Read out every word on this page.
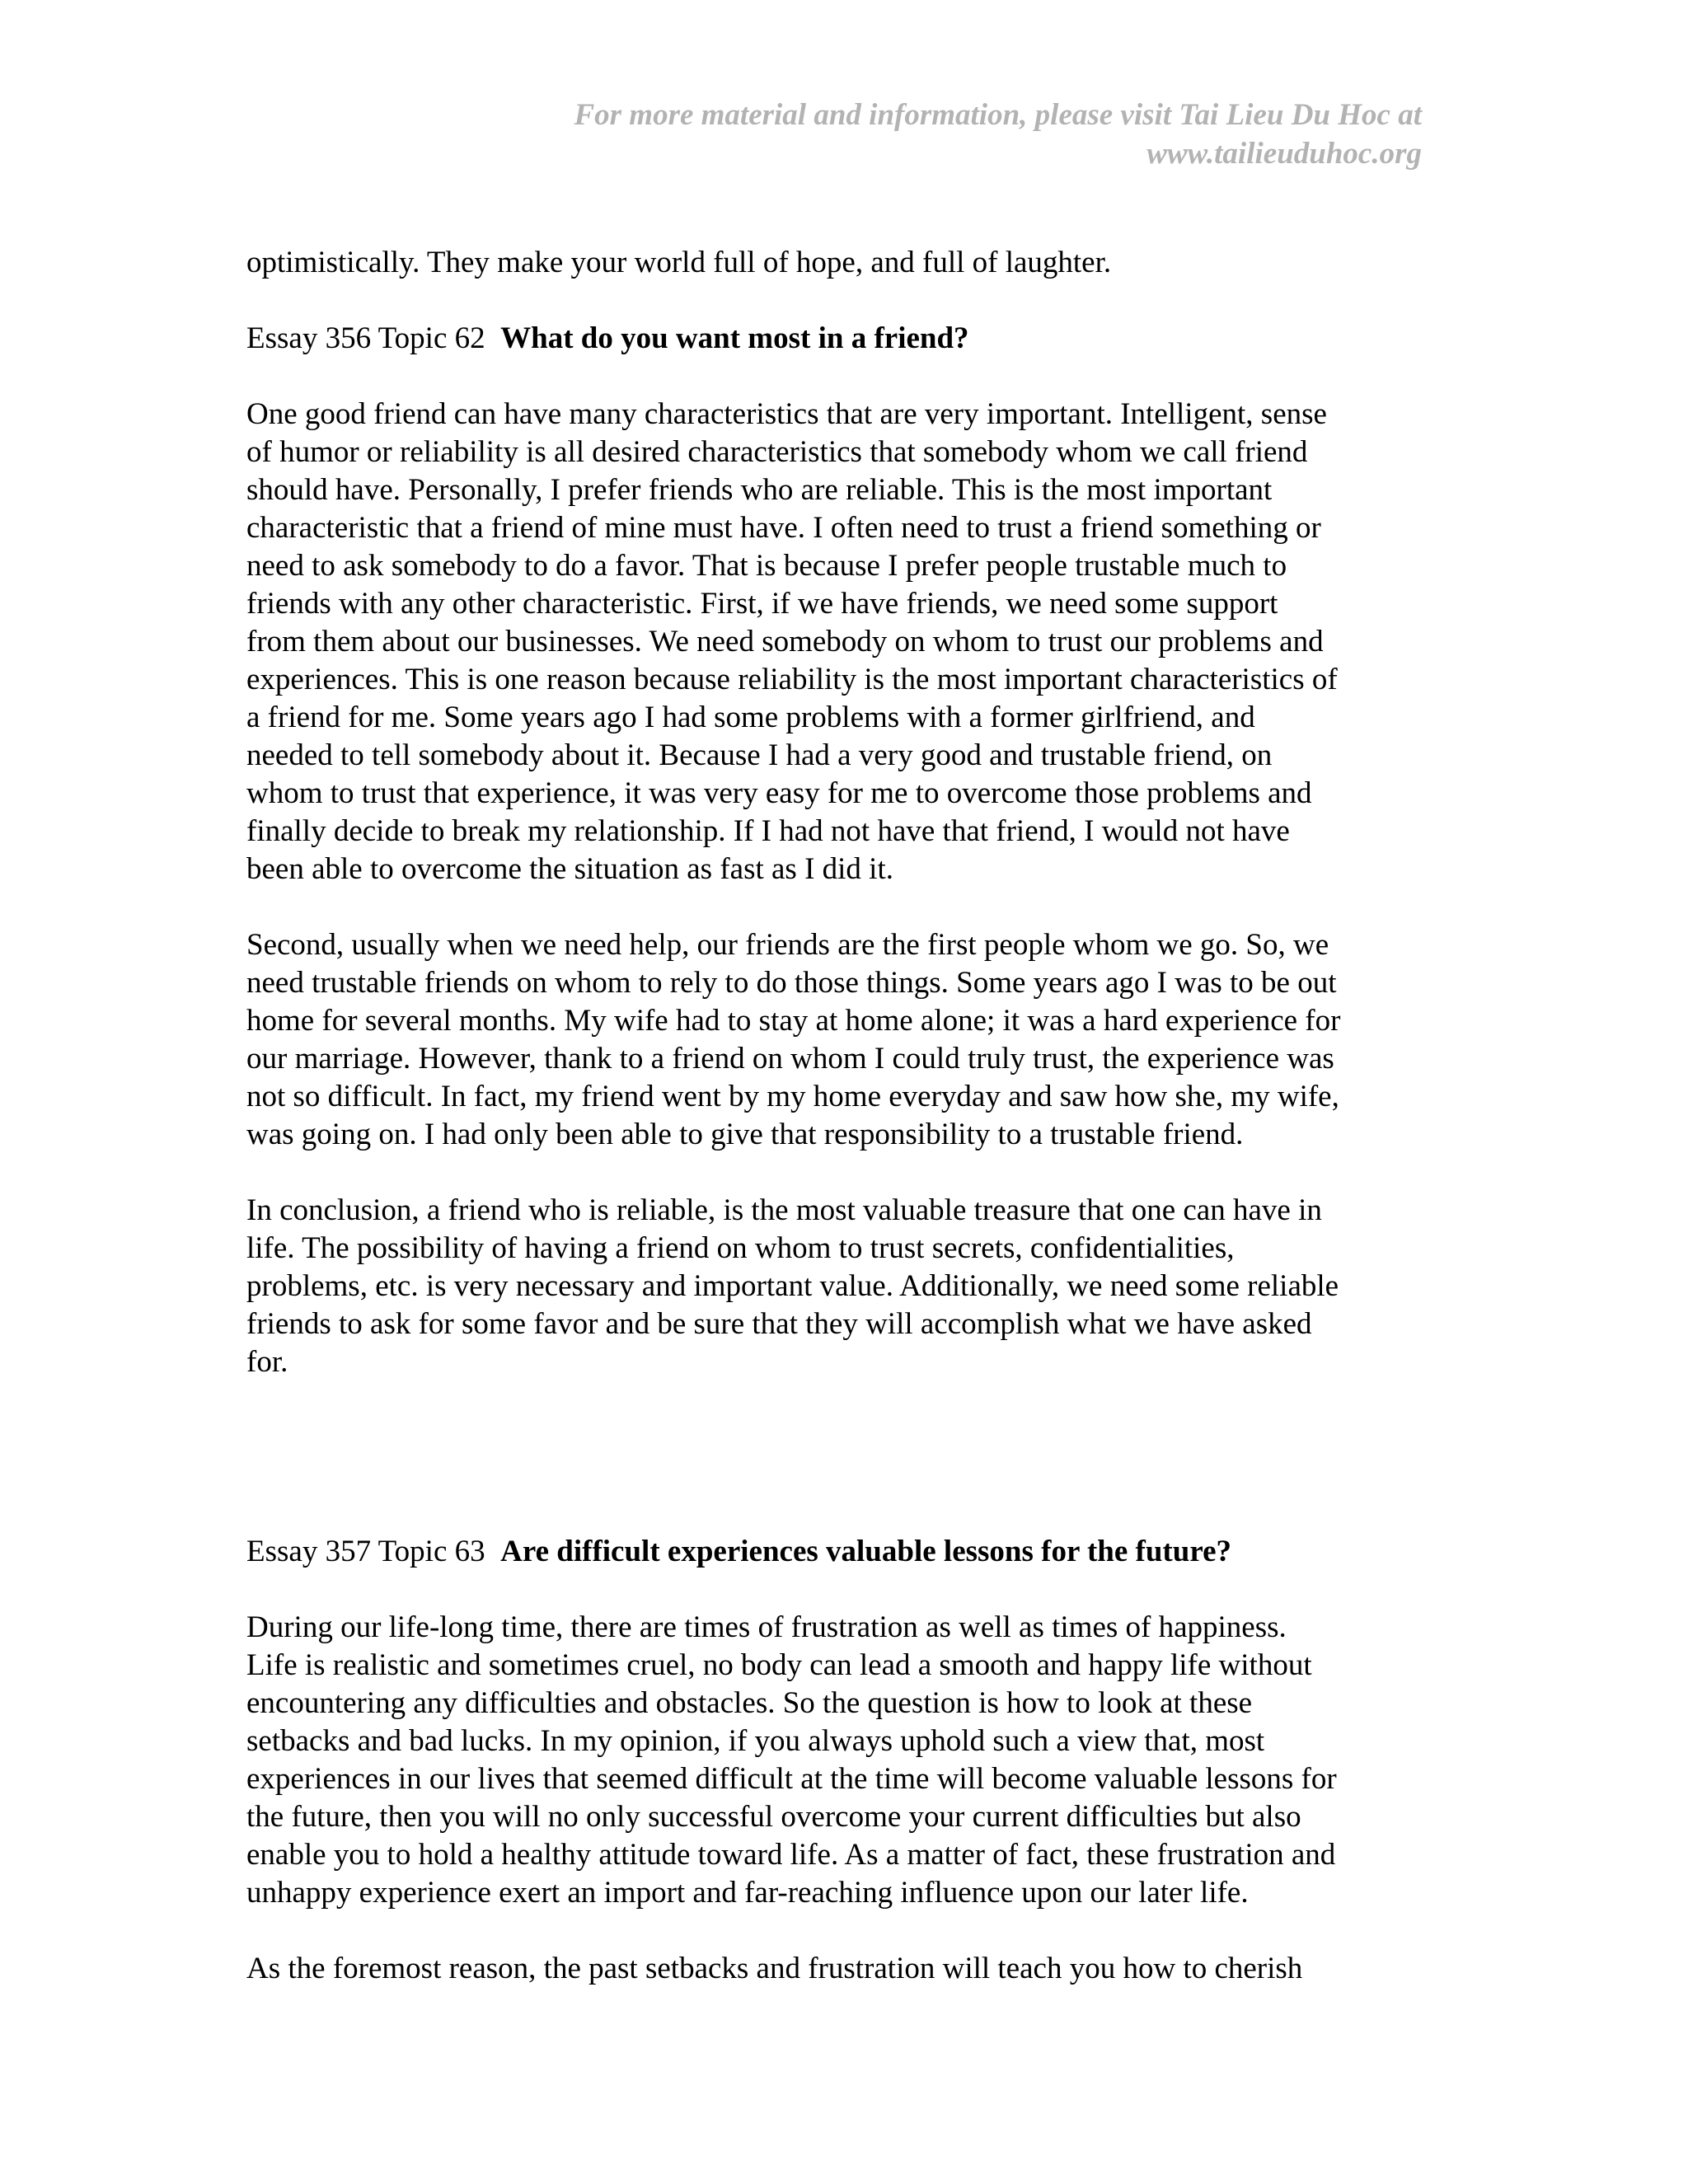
For more material and information, please visit Tai Lieu Du Hoc at
www.tailieuduhoc.org
optimistically. They make your world full of hope, and full of laughter.
Essay 356 Topic 62 What do you want most in a friend?
One good friend can have many characteristics that are very important. Intelligent, sense
of humor or reliability is all desired characteristics that somebody whom we call friend
should have. Personally, I prefer friends who are reliable. This is the most important
characteristic that a friend of mine must have. I often need to trust a friend something or
need to ask somebody to do a favor. That is because I prefer people trustable much to
friends with any other characteristic. First, if we have friends, we need some support
from them about our businesses. We need somebody on whom to trust our problems and
experiences. This is one reason because reliability is the most important characteristics of
a friend for me. Some years ago I had some problems with a former girlfriend, and
needed to tell somebody about it. Because I had a very good and trustable friend, on
whom to trust that experience, it was very easy for me to overcome those problems and
finally decide to break my relationship. If I had not have that friend, I would not have
been able to overcome the situation as fast as I did it.
Second, usually when we need help, our friends are the first people whom we go. So, we
need trustable friends on whom to rely to do those things. Some years ago I was to be out
home for several months. My wife had to stay at home alone; it was a hard experience for
our marriage. However, thank to a friend on whom I could truly trust, the experience was
not so difficult. In fact, my friend went by my home everyday and saw how she, my wife,
was going on. I had only been able to give that responsibility to a trustable friend.
In conclusion, a friend who is reliable, is the most valuable treasure that one can have in
life. The possibility of having a friend on whom to trust secrets, confidentialities,
problems, etc. is very necessary and important value. Additionally, we need some reliable
friends to ask for some favor and be sure that they will accomplish what we have asked
for.
Essay 357 Topic 63 Are difficult experiences valuable lessons for the future?
During our life-long time, there are times of frustration as well as times of happiness.
Life is realistic and sometimes cruel, no body can lead a smooth and happy life without
encountering any difficulties and obstacles. So the question is how to look at these
setbacks and bad lucks. In my opinion, if you always uphold such a view that, most
experiences in our lives that seemed difficult at the time will become valuable lessons for
the future, then you will no only successful overcome your current difficulties but also
enable you to hold a healthy attitude toward life. As a matter of fact, these frustration and
unhappy experience exert an import and far-reaching influence upon our later life.
As the foremost reason, the past setbacks and frustration will teach you how to cherish
